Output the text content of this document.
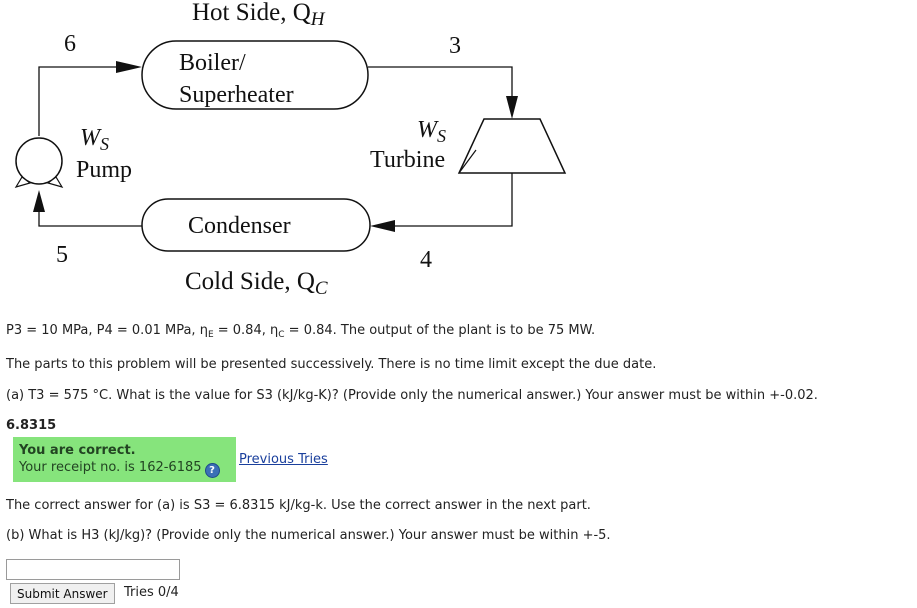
Hot Side, QH
Boiler/
Superheater
Condenser
Cold Side, QC
WS
Turbine
WS
Pump
6	3
5	4
P3 = 10 MPa, P4 = 0.01 MPa, $\eta_E = 0.84$, $\eta_C = 0.84$. The output of the plant is to be 75 MW.
The parts to this problem will be presented successively. There is no time limit except the due date.
(a) T3 = 575 °C. What is the value for S3 (kJ/kg-K)? (Provide only the numerical answer.) Your answer must be within +-0.02.
6.8315
You are correct.
Your receipt no. is 162-6185 ?
Previous Tries
The correct answer for (a) is S3 = 6.8315 kJ/kg-k. Use the correct answer in the next part.
(b) What is H3 (kJ/kg)? (Provide only the numerical answer.) Your answer must be within +-5.
Submit Answer	Tries 0/4
